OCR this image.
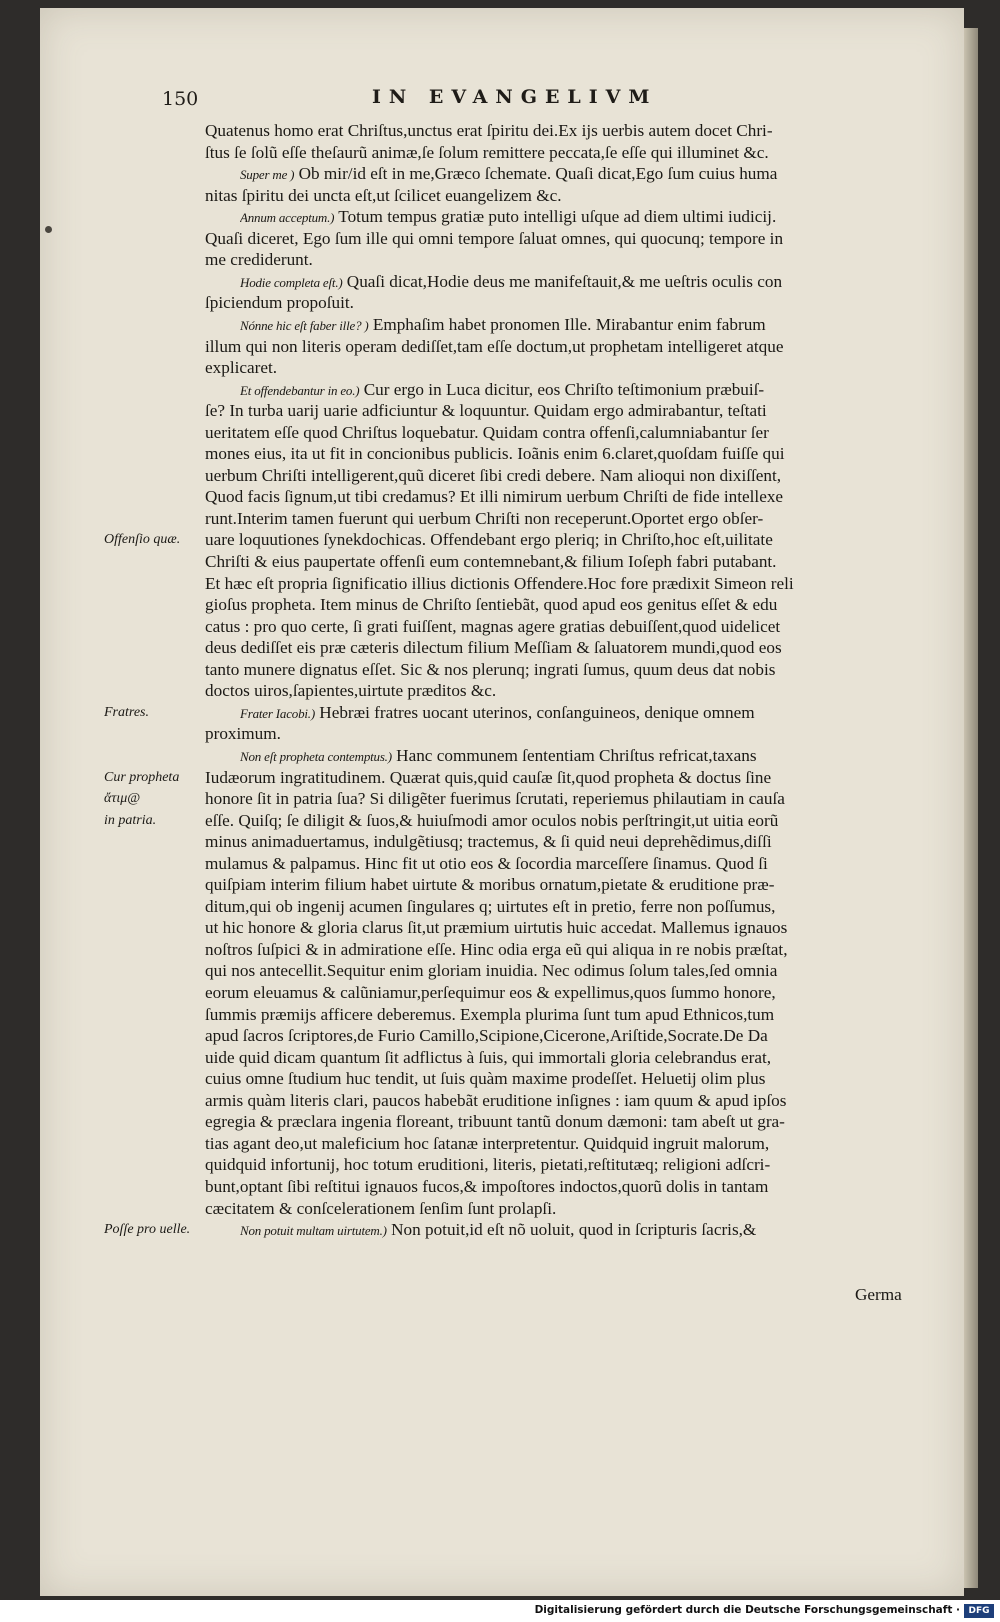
150	IN EVANGELIVM
Quatenus homo erat Chriſtus,unctus erat ſpiritu dei.Ex ijs uerbis autem docet Chri-
ſtus ſe ſolũ eſſe theſaurũ animæ,ſe ſolum remittere peccata,ſe eſſe qui illuminet &c.
Super me ) Ob mir/id eſt in me,Græco ſchemate. Quaſi dicat,Ego ſum cuius huma
nitas ſpiritu dei uncta eſt,ut ſcilicet euangelizem &c.
Annum acceptum.) Totum tempus gratiæ puto intelligi uſque ad diem ultimi iudicij.
Quaſi diceret, Ego ſum ille qui omni tempore ſaluat omnes, qui quocunq; tempore in
me crediderunt.
Hodie completa eſt.) Quaſi dicat,Hodie deus me manifeſtauit,& me ueſtris oculis con
ſpiciendum propoſuit.
Nónne hic eſt faber ille? ) Emphaſim habet pronomen Ille. Mirabantur enim fabrum
illum qui non literis operam dediſſet,tam eſſe doctum,ut prophetam intelligeret atque
explicaret.
Et offendebantur in eo.) Cur ergo in Luca dicitur, eos Chriſto teſtimonium præbuiſ-
ſe? In turba uarij uarie adficiuntur & loquuntur. Quidam ergo admirabantur, teſtati
ueritatem eſſe quod Chriſtus loquebatur. Quidam contra offenſi,calumniabantur ſer
mones eius, ita ut fit in concionibus publicis. Ioãnis enim 6.claret,quoſdam fuiſſe qui
uerbum Chriſti intelligerent,quũ diceret ſibi credi debere. Nam alioqui non dixiſſent,
Quod facis ſignum,ut tibi credamus? Et illi nimirum uerbum Chriſti de fide intellexe
runt.Interim tamen fuerunt qui uerbum Chriſti non receperunt.Oportet ergo obſer-
uare loquutiones ſynekdochicas. Offendebant ergo pleriq; in Chriſto,hoc eſt,uilitate
Chriſti & eius paupertate offenſi eum contemnebant,& filium Ioſeph fabri putabant.
Et hæc eſt propria ſignificatio illius dictionis Offendere.Hoc fore prædixit Simeon reli
gioſus propheta. Item minus de Chriſto ſentiebãt, quod apud eos genitus eſſet & edu
catus : pro quo certe, ſi grati fuiſſent, magnas agere gratias debuiſſent,quod uidelicet
deus dediſſet eis præ cæteris dilectum filium Meſſiam & ſaluatorem mundi,quod eos
tanto munere dignatus eſſet. Sic & nos plerunq; ingrati ſumus, quum deus dat nobis
doctos uiros,ſapientes,uirtute præditos &c.
Frater Iacobi.) Hebræi fratres uocant uterinos, conſanguineos, denique omnem
proximum.
Non eſt propheta contemptus.) Hanc communem ſententiam Chriſtus refricat,taxans
Iudæorum ingratitudinem. Quærat quis,quid cauſæ ſit,quod propheta & doctus ſine
honore ſit in patria ſua? Si diligẽter fuerimus ſcrutati, reperiemus philautiam in cauſa
eſſe. Quiſq; ſe diligit & ſuos,& huiuſmodi amor oculos nobis perſtringit,ut uitia eorũ
minus animaduertamus, indulgẽtiusq; tractemus, & ſi quid neui deprehẽdimus,diſſi
mulamus & palpamus. Hinc fit ut otio eos & ſocordia marceſſere ſinamus. Quod ſi
quiſpiam interim filium habet uirtute & moribus ornatum,pietate & eruditione præ-
ditum,qui ob ingenij acumen ſingulares q; uirtutes eſt in pretio, ferre non poſſumus,
ut hic honore & gloria clarus ſit,ut præmium uirtutis huic accedat. Mallemus ignauos
noſtros ſuſpici & in admiratione eſſe. Hinc odia erga eũ qui aliqua in re nobis præſtat,
qui nos antecellit.Sequitur enim gloriam inuidia. Nec odimus ſolum tales,ſed omnia
eorum eleuamus & calũniamur,perſequimur eos & expellimus,quos ſummo honore,
ſummis præmijs afficere deberemus. Exempla plurima ſunt tum apud Ethnicos,tum
apud ſacros ſcriptores,de Furio Camillo,Scipione,Cicerone,Ariſtide,Socrate.De Da
uide quid dicam quantum ſit adflictus à ſuis, qui immortali gloria celebrandus erat,
cuius omne ſtudium huc tendit, ut ſuis quàm maxime prodeſſet. Heluetij olim plus
armis quàm literis clari, paucos habebãt eruditione inſignes : iam quum & apud ipſos
egregia & præclara ingenia floreant, tribuunt tantũ donum dæmoni: tam abeſt ut gra-
tias agant deo,ut maleficium hoc ſatanæ interpretentur. Quidquid ingruit malorum,
quidquid infortunij, hoc totum eruditioni, literis, pietati,reſtitutæq; religioni adſcri-
bunt,optant ſibi reſtitui ignauos fucos,& impoſtores indoctos,quorũ dolis in tantam
cæcitatem & conſcelerationem ſenſim ſunt prolapſi.
Non potuit multam uirtutem.) Non potuit,id eſt nõ uoluit, quod in ſcripturis ſacris,&
Offenſio quæ.
Fratres.
Cur propheta
ἄτιμ@
in patria.
Poſſe pro uelle.
Germa
Digitalisierung gefördert durch die Deutsche Forschungsgemeinschaft · DFG
